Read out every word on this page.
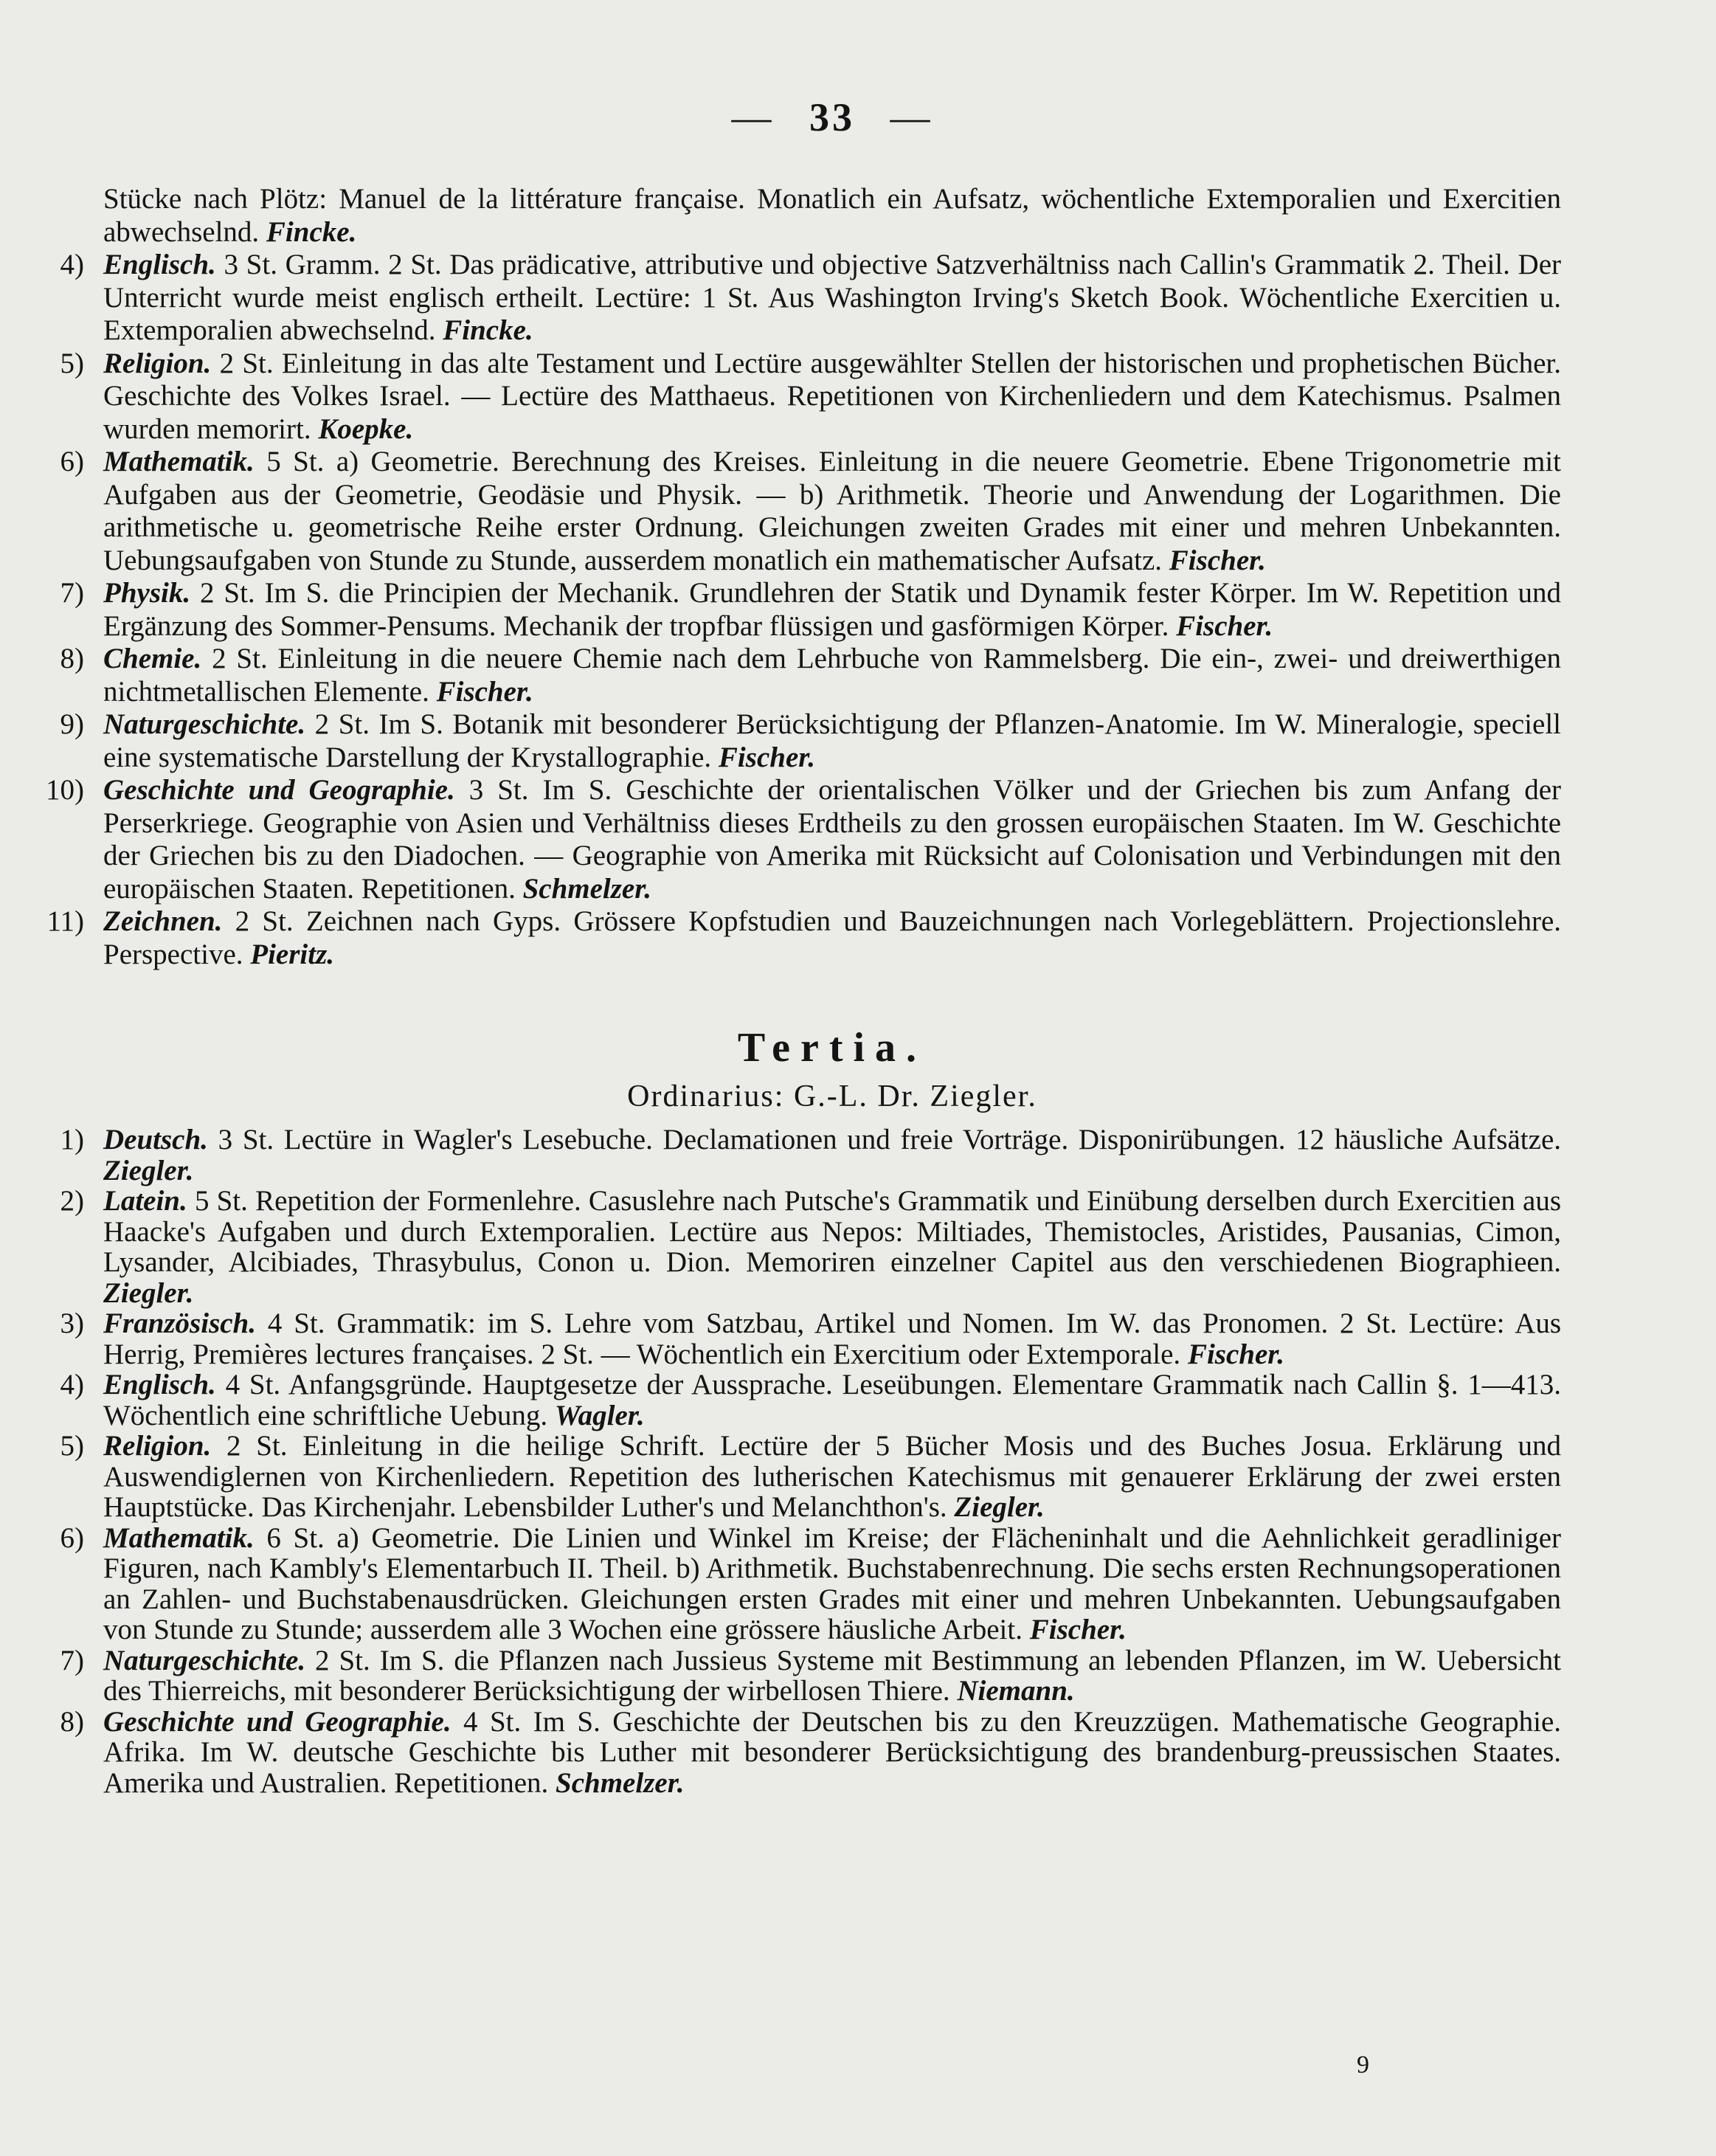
— 33 —
Stücke nach Plötz: Manuel de la littérature française. Monatlich ein Aufsatz, wöchentliche Extemporalien und Exercitien abwechselnd. Fincke.
4) Englisch. 3 St. Gramm. 2 St. Das prädicative, attributive und objective Satzverhältniss nach Callin's Grammatik 2. Theil. Der Unterricht wurde meist englisch ertheilt. Lectüre: 1 St. Aus Washington Irving's Sketch Book. Wöchentliche Exercitien u. Extemporalien abwechselnd. Fincke.
5) Religion. 2 St. Einleitung in das alte Testament und Lectüre ausgewählter Stellen der historischen und prophetischen Bücher. Geschichte des Volkes Israel. — Lectüre des Matthaeus. Repetitionen von Kirchenliedern und dem Katechismus. Psalmen wurden memorirt. Koepke.
6) Mathematik. 5 St. a) Geometrie. Berechnung des Kreises. Einleitung in die neuere Geometrie. Ebene Trigonometrie mit Aufgaben aus der Geometrie, Geodäsie und Physik. — b) Arithmetik. Theorie und Anwendung der Logarithmen. Die arithmetische u. geometrische Reihe erster Ordnung. Gleichungen zweiten Grades mit einer und mehren Unbekannten. Uebungsaufgaben von Stunde zu Stunde, ausserdem monatlich ein mathematischer Aufsatz. Fischer.
7) Physik. 2 St. Im S. die Principien der Mechanik. Grundlehren der Statik und Dynamik fester Körper. Im W. Repetition und Ergänzung des Sommer-Pensums. Mechanik der tropfbar flüssigen und gasförmigen Körper. Fischer.
8) Chemie. 2 St. Einleitung in die neuere Chemie nach dem Lehrbuche von Rammelsberg. Die ein-, zwei- und dreiwerthigen nichtmetallischen Elemente. Fischer.
9) Naturgeschichte. 2 St. Im S. Botanik mit besonderer Berücksichtigung der Pflanzen-Anatomie. Im W. Mineralogie, speciell eine systematische Darstellung der Krystallographie. Fischer.
10) Geschichte und Geographie. 3 St. Im S. Geschichte der orientalischen Völker und der Griechen bis zum Anfang der Perserkriege. Geographie von Asien und Verhältniss dieses Erdtheils zu den grossen europäischen Staaten. Im W. Geschichte der Griechen bis zu den Diadochen. — Geographie von Amerika mit Rücksicht auf Colonisation und Verbindungen mit den europäischen Staaten. Repetitionen. Schmelzer.
11) Zeichnen. 2 St. Zeichnen nach Gyps. Grössere Kopfstudien und Bauzeichnungen nach Vorlegeblättern. Projectionslehre. Perspective. Pieritz.
Tertia.
Ordinarius: G.-L. Dr. Ziegler.
1) Deutsch. 3 St. Lectüre in Wagler's Lesebuche. Declamationen und freie Vorträge. Disponirübungen. 12 häusliche Aufsätze. Ziegler.
2) Latein. 5 St. Repetition der Formenlehre. Casuslehre nach Putsche's Grammatik und Einübung derselben durch Exercitien aus Haacke's Aufgaben und durch Extemporalien. Lectüre aus Nepos: Miltiades, Themistocles, Aristides, Pausanias, Cimon, Lysander, Alcibiades, Thrasybulus, Conon u. Dion. Memoriren einzelner Capitel aus den verschiedenen Biographieen. Ziegler.
3) Französisch. 4 St. Grammatik: im S. Lehre vom Satzbau, Artikel und Nomen. Im W. das Pronomen. 2 St. Lectüre: Aus Herrig, Premières lectures françaises. 2 St. — Wöchentlich ein Exercitium oder Extemporale. Fischer.
4) Englisch. 4 St. Anfangsgründe. Hauptgesetze der Aussprache. Leseübungen. Elementare Grammatik nach Callin §. 1—413. Wöchentlich eine schriftliche Uebung. Wagler.
5) Religion. 2 St. Einleitung in die heilige Schrift. Lectüre der 5 Bücher Mosis und des Buches Josua. Erklärung und Auswendiglernen von Kirchenliedern. Repetition des lutherischen Katechismus mit genauerer Erklärung der zwei ersten Hauptstücke. Das Kirchenjahr. Lebensbilder Luther's und Melanchthon's. Ziegler.
6) Mathematik. 6 St. a) Geometrie. Die Linien und Winkel im Kreise; der Flächeninhalt und die Aehnlichkeit geradliniger Figuren, nach Kambly's Elementarbuch II. Theil. b) Arithmetik. Buchstabenrechnung. Die sechs ersten Rechnungsoperationen an Zahlen- und Buchstabenausdrücken. Gleichungen ersten Grades mit einer und mehren Unbekannten. Uebungsaufgaben von Stunde zu Stunde; ausserdem alle 3 Wochen eine grössere häusliche Arbeit. Fischer.
7) Naturgeschichte. 2 St. Im S. die Pflanzen nach Jussieus Systeme mit Bestimmung an lebenden Pflanzen, im W. Uebersicht des Thierreichs, mit besonderer Berücksichtigung der wirbellosen Thiere. Niemann.
8) Geschichte und Geographie. 4 St. Im S. Geschichte der Deutschen bis zu den Kreuzzügen. Mathematische Geographie. Afrika. Im W. deutsche Geschichte bis Luther mit besonderer Berücksichtigung des brandenburg-preussischen Staates. Amerika und Australien. Repetitionen. Schmelzer.
9
